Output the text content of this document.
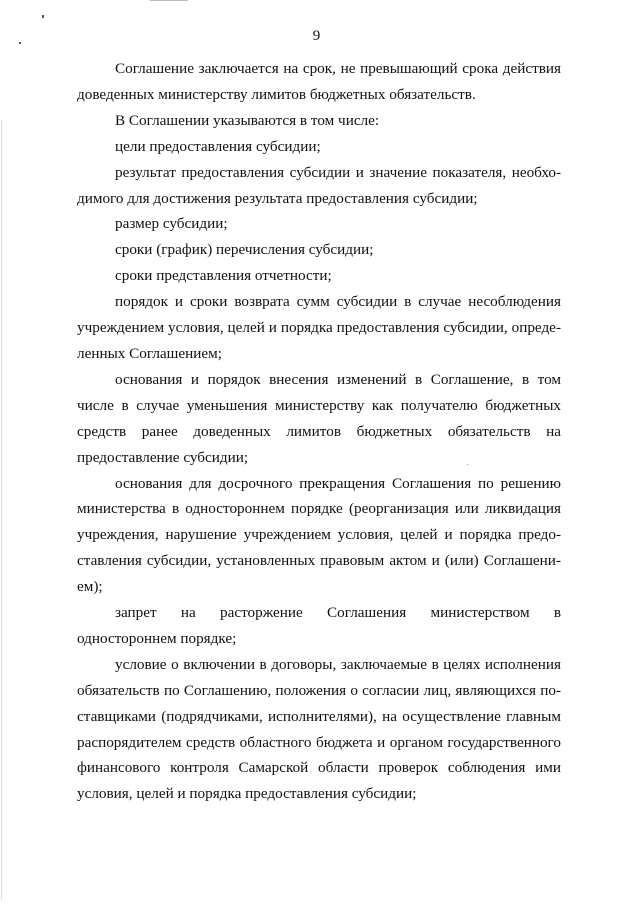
9

Соглашение заключается на срок, не превышающий срока действия доведенных министерству лимитов бюджетных обязательств.

В Соглашении указываются в том числе:

цели предоставления субсидии;

результат предоставления субсидии и значение показателя, необходимого для достижения результата предоставления субсидии;

размер субсидии;

сроки (график) перечисления субсидии;

сроки представления отчетности;

порядок и сроки возврата сумм субсидии в случае несоблюдения учреждением условия, целей и порядка предоставления субсидии, определенных Соглашением;

основания и порядок внесения изменений в Соглашение, в том числе в случае уменьшения министерству как получателю бюджетных средств ранее доведенных лимитов бюджетных обязательств на предоставление субсидии;

основания для досрочного прекращения Соглашения по решению министерства в одностороннем порядке (реорганизация или ликвидация учреждения, нарушение учреждением условия, целей и порядка предоставления субсидии, установленных правовым актом и (или) Соглашением);

запрет на расторжение Соглашения министерством в одностороннем порядке;

условие о включении в договоры, заключаемые в целях исполнения обязательств по Соглашению, положения о согласии лиц, являющихся поставщиками (подрядчиками, исполнителями), на осуществление главным распорядителем средств областного бюджета и органом государственного финансового контроля Самарской области проверок соблюдения ими условия, целей и порядка предоставления субсидии;
